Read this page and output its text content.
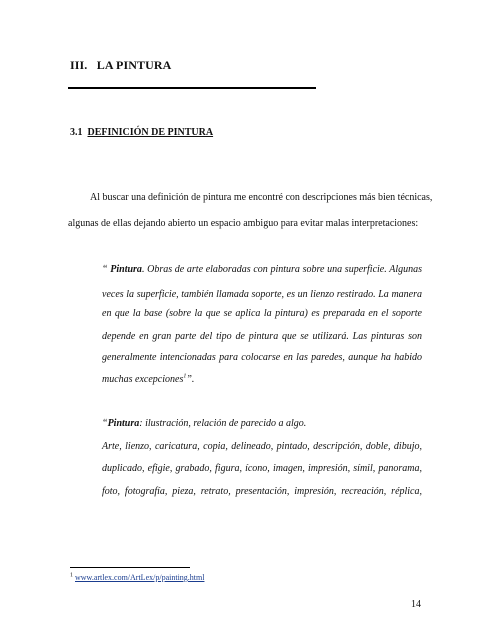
III. LA PINTURA
3.1 DEFINICIÓN DE PINTURA
Al buscar una definición de pintura me encontré con descripciones más bien técnicas,
algunas de ellas dejando abierto un espacio ambiguo para evitar malas interpretaciones:
“ Pintura. Obras de arte elaboradas con pintura sobre una superficie. Algunas
veces la superficie, también llamada soporte, es un lienzo restirado. La manera
en que la base (sobre la que se aplica la pintura) es preparada en el soporte
depende en gran parte del tipo de pintura que se utilizará. Las pinturas son
generalmente intencionadas para colocarse en las paredes, aunque ha habido
muchas excepciones$^1$”.
“Pintura: ilustración, relación de parecido a algo.
Arte, lienzo, caricatura, copia, delineado, pintado, descripción, doble, dibujo,
duplicado, efigie, grabado, figura, ícono, imagen, impresión, símil, panorama,
foto, fotografía, pieza, retrato, presentación, impresión, recreación, réplica,
$^1$ www.artlex.com/ArtLex/p/painting.html
14
